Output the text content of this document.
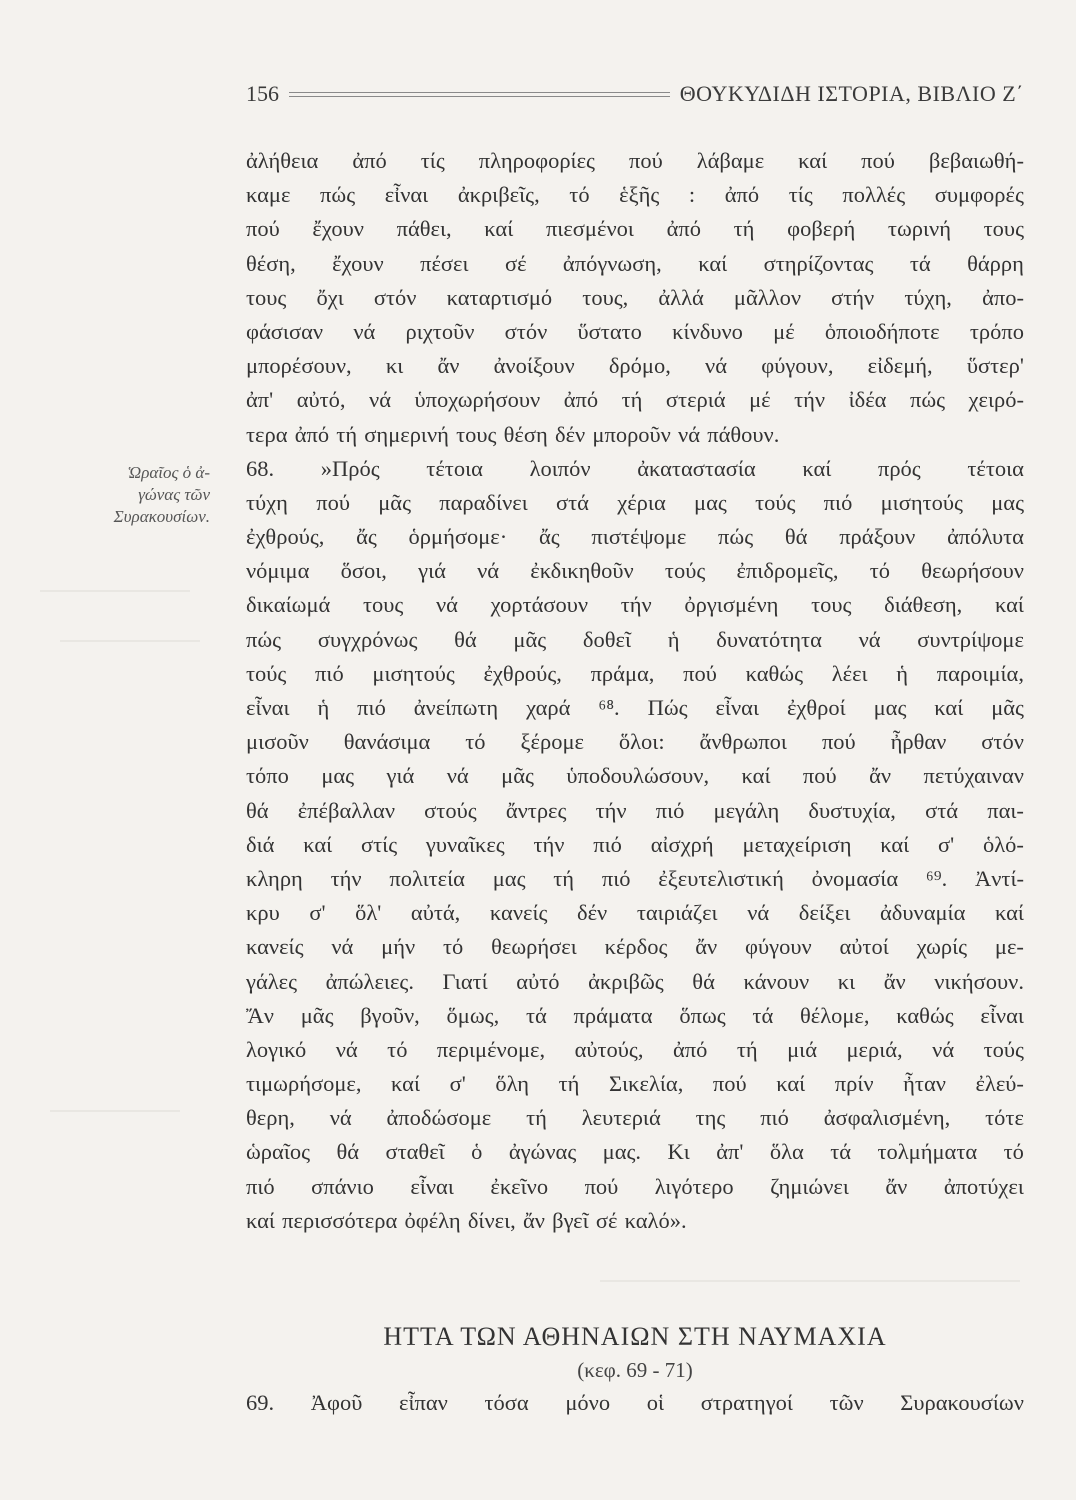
156	ΘΟΥΚΥΔΙΔΗ ΙΣΤΟΡΙΑ, ΒΙΒΛΙΟ Ζ΄
Ὡραῖος ὁ ἀ-
γώνας τῶν
Συρακουσίων.
ἀλήθεια ἀπό τίς πληροφορίες πού λάβαμε καί πού βεβαιωθή-
καμε πώς εἶναι ἀκριβεῖς, τό ἑξῆς : ἀπό τίς πολλές συμφορές
πού ἔχουν πάθει, καί πιεσμένοι ἀπό τή φοβερή τωρινή τους
θέση, ἔχουν πέσει σέ ἀπόγνωση, καί στηρίζοντας τά θάρρη
τους ὄχι στόν καταρτισμό τους, ἀλλά μᾶλλον στήν τύχη, ἀπο-
φάσισαν νά ριχτοῦν στόν ὕστατο κίνδυνο μέ ὁποιοδήποτε τρόπο
μπορέσουν, κι ἄν ἀνοίξουν δρόμο, νά φύγουν, εἰδεμή, ὕστερ'
ἀπ' αὐτό, νά ὑποχωρήσουν ἀπό τή στεριά μέ τήν ἰδέα πώς χειρό-
τερα ἀπό τή σημερινή τους θέση δέν μποροῦν νά πάθουν.
68. »Πρός τέτοια λοιπόν ἀκαταστασία καί πρός τέτοια
τύχη πού μᾶς παραδίνει στά χέρια μας τούς πιό μισητούς μας
ἐχθρούς, ἄς ὁρμήσομε· ἄς πιστέψομε πώς θά πράξουν ἀπόλυτα
νόμιμα ὅσοι, γιά νά ἐκδικηθοῦν τούς ἐπιδρομεῖς, τό θεωρήσουν
δικαίωμά τους νά χορτάσουν τήν ὀργισμένη τους διάθεση, καί
πώς συγχρόνως θά μᾶς δοθεῖ ἡ δυνατότητα νά συντρίψομε
τούς πιό μισητούς ἐχθρούς, πράμα, πού καθώς λέει ἡ παροιμία,
εἶναι ἡ πιό ἀνείπωτη χαρά ⁶⁸. Πώς εἶναι ἐχθροί μας καί μᾶς
μισοῦν θανάσιμα τό ξέρομε ὅλοι: ἄνθρωποι πού ἦρθαν στόν
τόπο μας γιά νά μᾶς ὑποδουλώσουν, καί πού ἄν πετύχαιναν
θά ἐπέβαλλαν στούς ἄντρες τήν πιό μεγάλη δυστυχία, στά παι-
διά καί στίς γυναῖκες τήν πιό αἰσχρή μεταχείριση καί σ' ὁλό-
κληρη τήν πολιτεία μας τή πιό ἐξευτελιστική ὀνομασία ⁶⁹. Ἀντί-
κρυ σ' ὅλ' αὐτά, κανείς δέν ταιριάζει νά δείξει ἀδυναμία καί
κανείς νά μήν τό θεωρήσει κέρδος ἄν φύγουν αὐτοί χωρίς με-
γάλες ἀπώλειες. Γιατί αὐτό ἀκριβῶς θά κάνουν κι ἄν νικήσουν.
Ἄν μᾶς βγοῦν, ὅμως, τά πράματα ὅπως τά θέλομε, καθώς εἶναι
λογικό νά τό περιμένομε, αὐτούς, ἀπό τή μιά μεριά, νά τούς
τιμωρήσομε, καί σ' ὅλη τή Σικελία, πού καί πρίν ἦταν ἐλεύ-
θερη, νά ἀποδώσομε τή λευτεριά της πιό ἀσφαλισμένη, τότε
ὡραῖος θά σταθεῖ ὁ ἀγώνας μας. Κι ἀπ' ὅλα τά τολμήματα τό
πιό σπάνιο εἶναι ἐκεῖνο πού λιγότερο ζημιώνει ἄν ἀποτύχει
καί περισσότερα ὀφέλη δίνει, ἄν βγεῖ σέ καλό».
ΗΤΤΑ ΤΩΝ ΑΘΗΝΑΙΩΝ ΣΤΗ ΝΑΥΜΑΧΙΑ
(κεφ. 69 - 71)
69. Ἀφοῦ εἶπαν τόσα μόνο οἱ στρατηγοί τῶν Συρακουσίων
